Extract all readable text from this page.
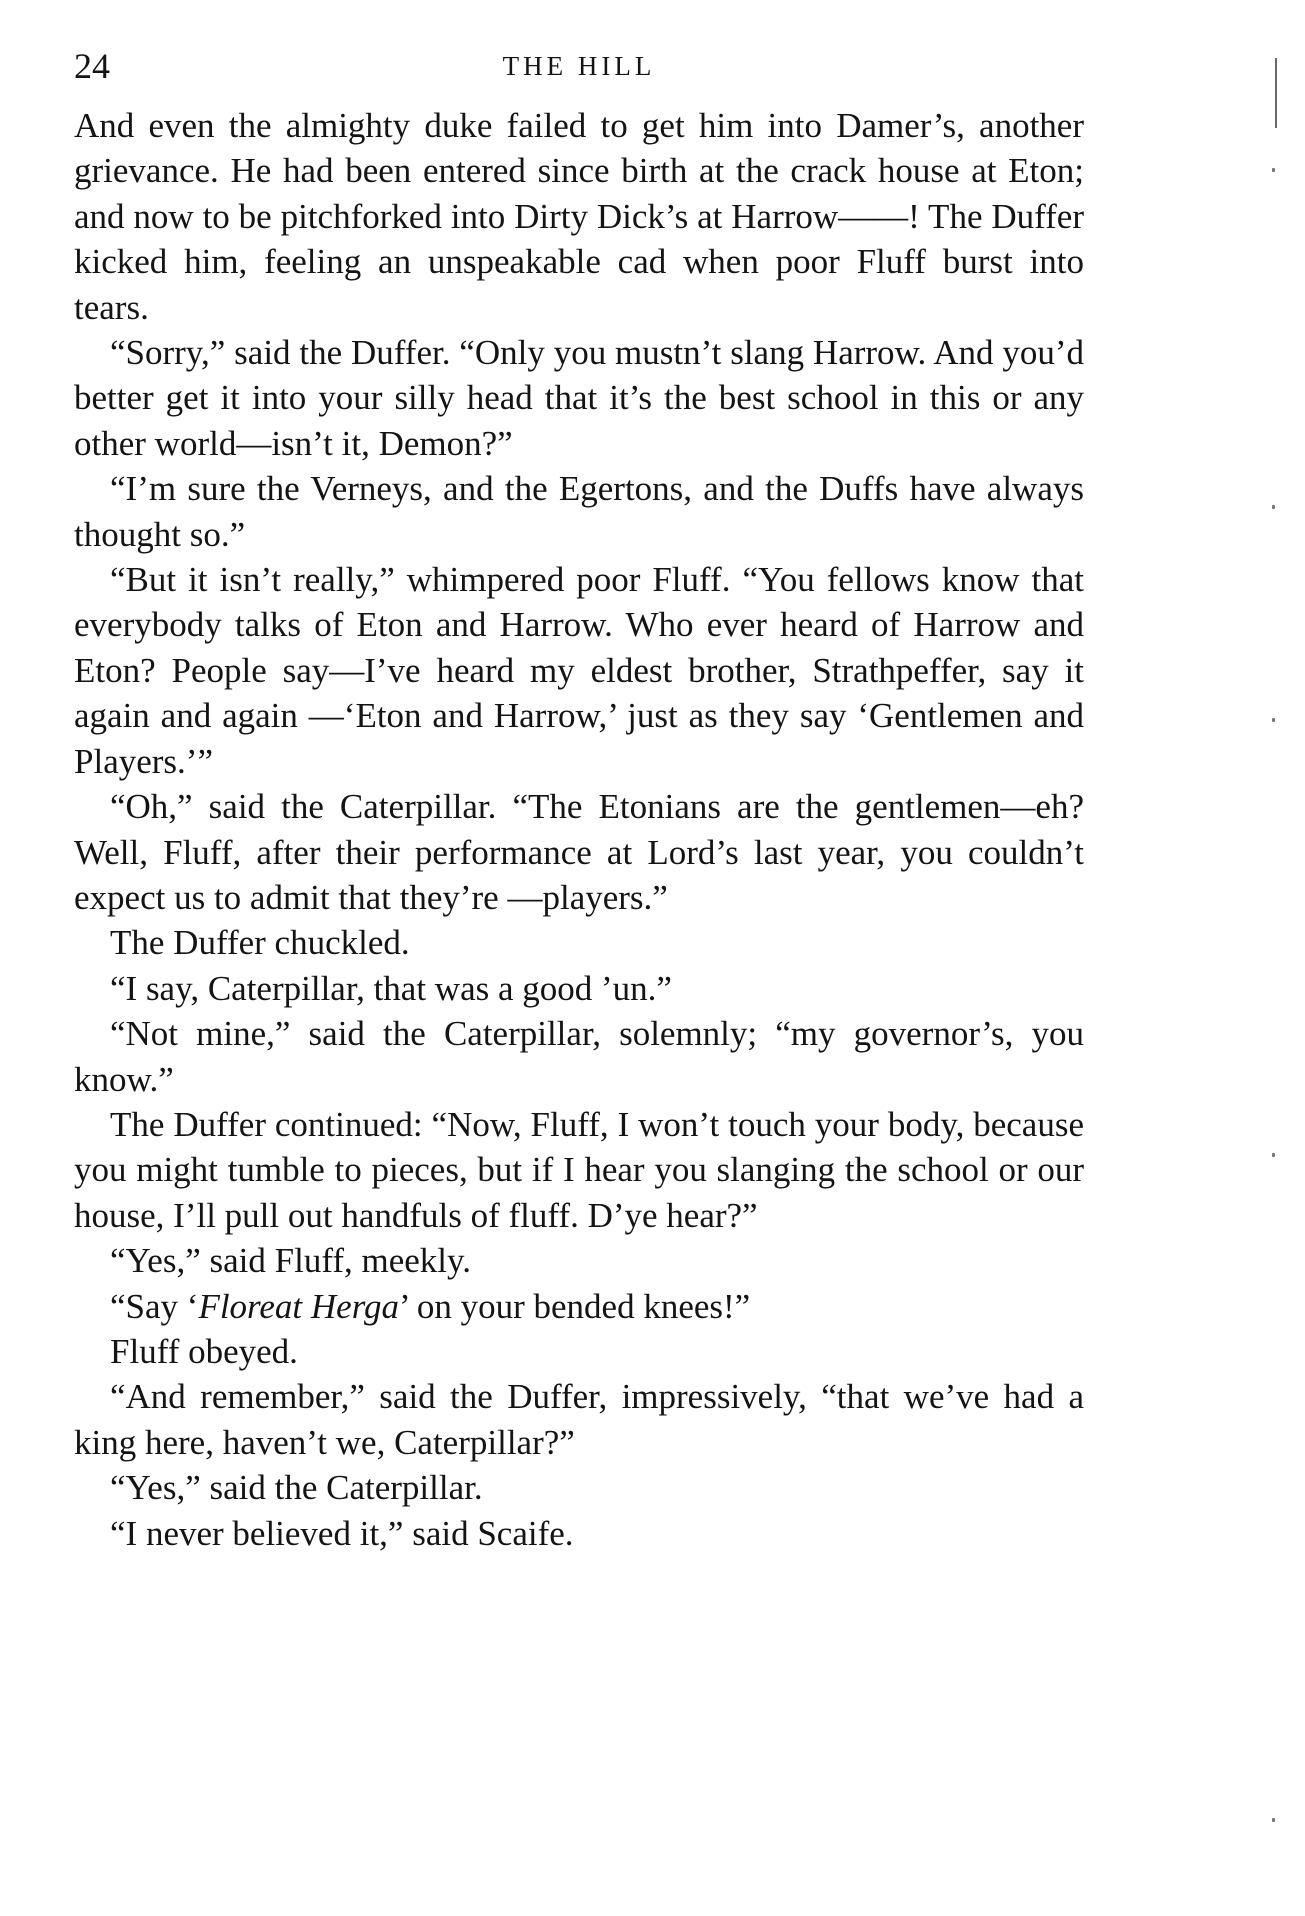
24	THE HILL

And even the almighty duke failed to get him into Damer’s, another grievance. He had been entered since birth at the crack house at Eton; and now to be pitchforked into Dirty Dick’s at Harrow——! The Duffer kicked him, feeling an unspeakable cad when poor Fluff burst into tears.

“Sorry,” said the Duffer. “Only you mustn’t slang Harrow. And you’d better get it into your silly head that it’s the best school in this or any other world—isn’t it, Demon?”

“I’m sure the Verneys, and the Egertons, and the Duffs have always thought so.”

“But it isn’t really,” whimpered poor Fluff. “You fellows know that everybody talks of Eton and Harrow. Who ever heard of Harrow and Eton? People say—I’ve heard my eldest brother, Strathpeffer, say it again and again —‘Eton and Harrow,’ just as they say ‘Gentlemen and Players.’”

“Oh,” said the Caterpillar. “The Etonians are the gentlemen—eh? Well, Fluff, after their performance at Lord’s last year, you couldn’t expect us to admit that they’re —players.”

The Duffer chuckled.

“I say, Caterpillar, that was a good ’un.”

“Not mine,” said the Caterpillar, solemnly; “my governor’s, you know.”

The Duffer continued: “Now, Fluff, I won’t touch your body, because you might tumble to pieces, but if I hear you slanging the school or our house, I’ll pull out handfuls of fluff. D’ye hear?”

“Yes,” said Fluff, meekly.

“Say ‘Floreat Herga’ on your bended knees!”

Fluff obeyed.

“And remember,” said the Duffer, impressively, “that we’ve had a king here, haven’t we, Caterpillar?”

“Yes,” said the Caterpillar.

“I never believed it,” said Scaife.
